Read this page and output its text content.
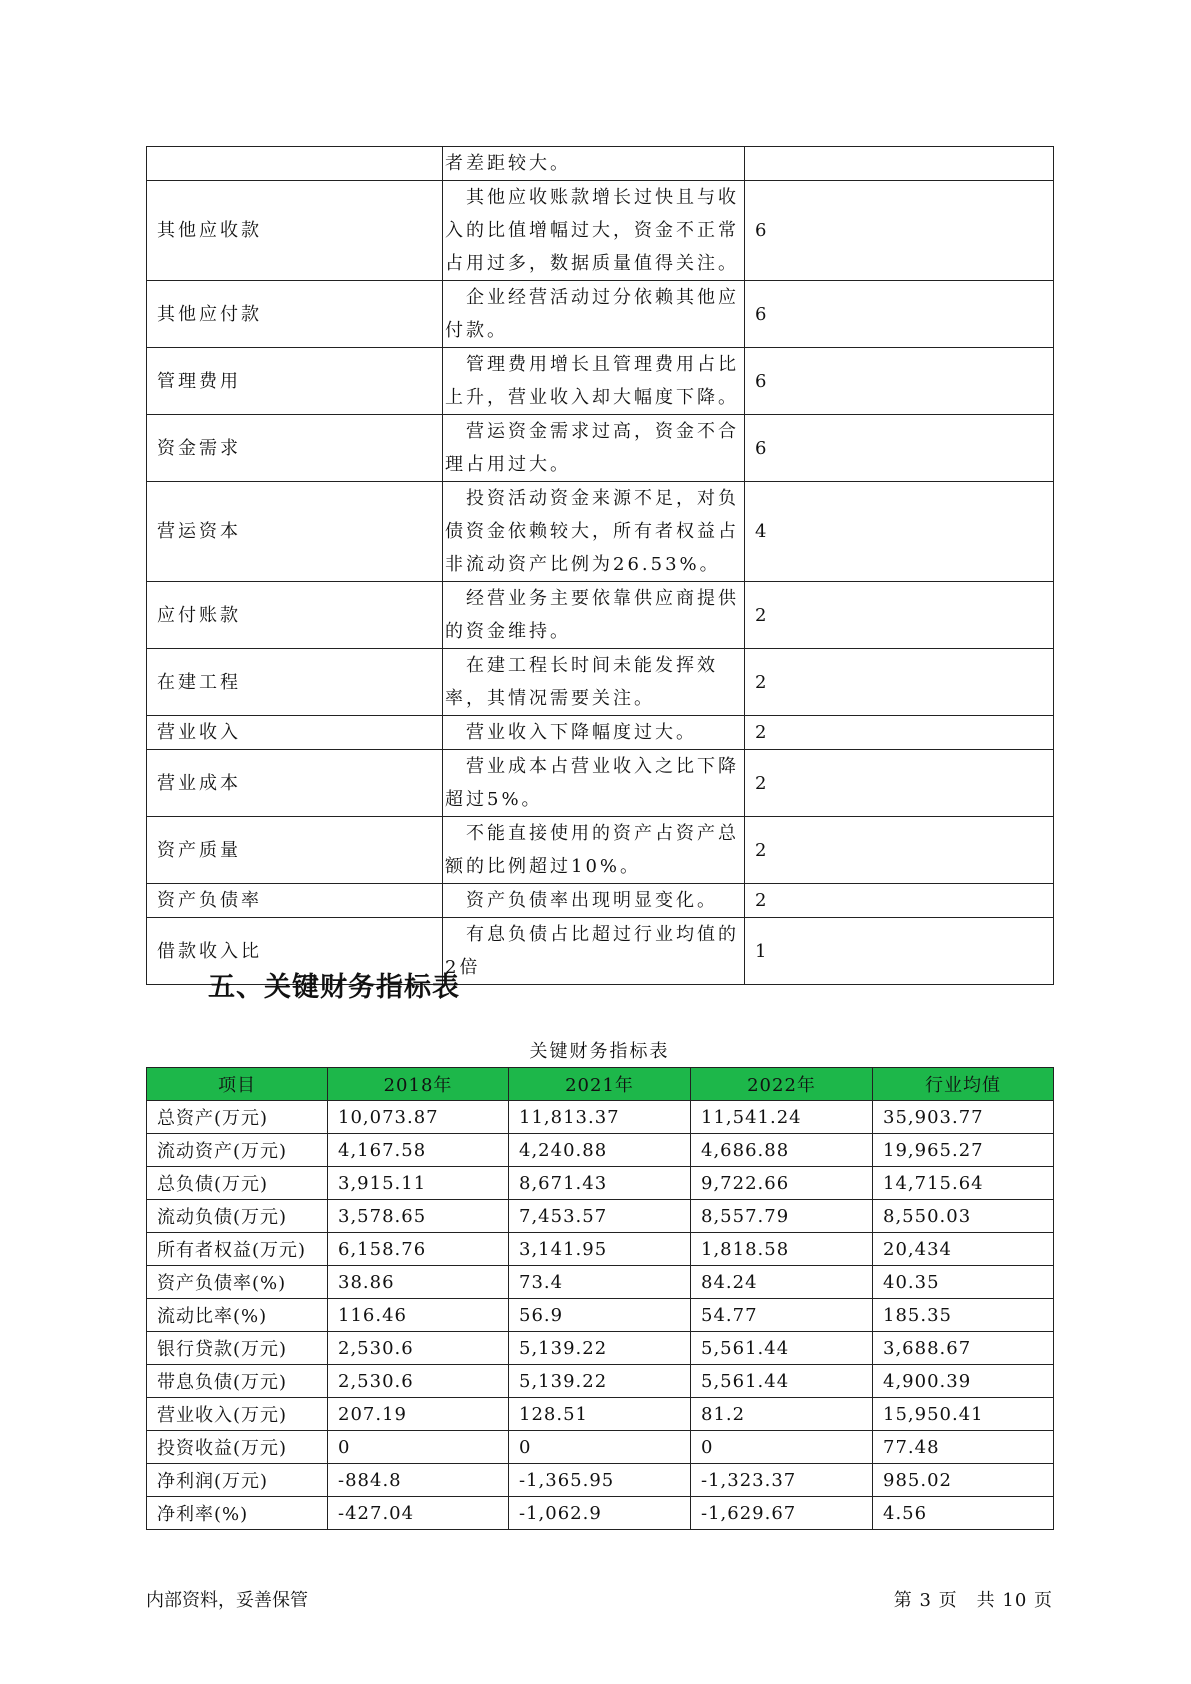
	者差距较大。	
其他应收款	　其他应收账款增长过快且与收入的比值增幅过大，资金不正常占用过多，数据质量值得关注。	6
其他应付款	　企业经营活动过分依赖其他应付款。	6
管理费用	　管理费用增长且管理费用占比上升，营业收入却大幅度下降。	6
资金需求	　营运资金需求过高，资金不合理占用过大。	6
营运资本	　投资活动资金来源不足，对负债资金依赖较大，所有者权益占非流动资产比例为26.53%。	4
应付账款	　经营业务主要依靠供应商提供的资金维持。	2
在建工程	　在建工程长时间未能发挥效率，其情况需要关注。	2
营业收入	　营业收入下降幅度过大。	2
营业成本	　营业成本占营业收入之比下降超过5%。	2
资产质量	　不能直接使用的资产占资产总额的比例超过10%。	2
资产负债率	　资产负债率出现明显变化。	2
借款收入比	　有息负债占比超过行业均值的2倍	1
五、关键财务指标表

关键财务指标表

项目	2018年	2021年	2022年	行业均值
总资产(万元)	10,073.87	11,813.37	11,541.24	35,903.77
流动资产(万元)	4,167.58	4,240.88	4,686.88	19,965.27
总负债(万元)	3,915.11	8,671.43	9,722.66	14,715.64
流动负债(万元)	3,578.65	7,453.57	8,557.79	8,550.03
所有者权益(万元)	6,158.76	3,141.95	1,818.58	20,434
资产负债率(%)	38.86	73.4	84.24	40.35
流动比率(%)	116.46	56.9	54.77	185.35
银行贷款(万元)	2,530.6	5,139.22	5,561.44	3,688.67
带息负债(万元)	2,530.6	5,139.22	5,561.44	4,900.39
营业收入(万元)	207.19	128.51	81.2	15,950.41
投资收益(万元)	0	0	0	77.48
净利润(万元)	-884.8	-1,365.95	-1,323.37	985.02
净利率(%)	-427.04	-1,062.9	-1,629.67	4.56
内部资料，妥善保管	第 3 页　共 10 页
